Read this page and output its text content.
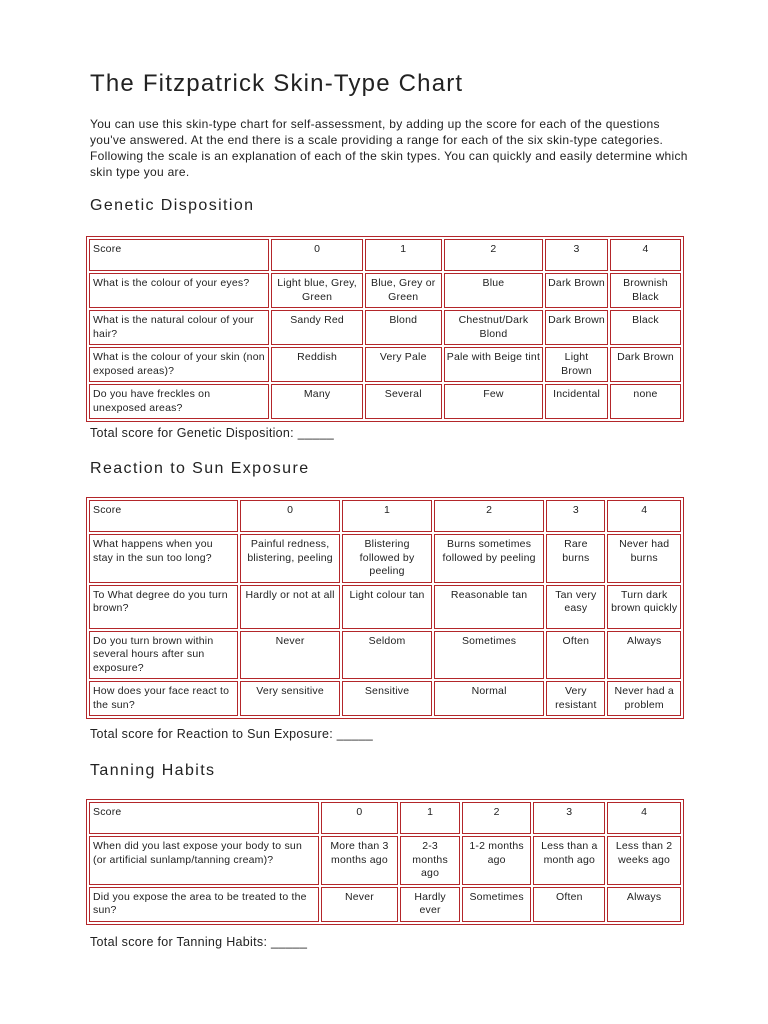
The Fitzpatrick Skin-Type Chart

You can use this skin-type chart for self-assessment, by adding up the score for each of the questions you've answered. At the end there is a scale providing a range for each of the six skin-type categories. Following the scale is an explanation of each of the skin types. You can quickly and easily determine which skin type you are.

Genetic Disposition
Score	0	1	2	3	4
What is the colour of your eyes?	Light blue, Grey, Green	Blue, Grey or Green	Blue	Dark Brown	Brownish Black
What is the natural colour of your hair?	Sandy Red	Blond	Chestnut/Dark Blond	Dark Brown	Black
What is the colour of your skin (non exposed areas)?	Reddish	Very Pale	Pale with Beige tint	Light Brown	Dark Brown
Do you have freckles on unexposed areas?	Many	Several	Few	Incidental	none

Total score for Genetic Disposition: _____

Reaction to Sun Exposure
Score	0	1	2	3	4
What happens when you stay in the sun too long?	Painful redness, blistering, peeling	Blistering followed by peeling	Burns sometimes followed by peeling	Rare burns	Never had burns
To What degree do you turn brown?	Hardly or not at all	Light colour tan	Reasonable tan	Tan very easy	Turn dark brown quickly
Do you turn brown within several hours after sun exposure?	Never	Seldom	Sometimes	Often	Always
How does your face react to the sun?	Very sensitive	Sensitive	Normal	Very resistant	Never had a problem

Total score for Reaction to Sun Exposure: _____

Tanning Habits
Score	0	1	2	3	4
When did you last expose your body to sun (or artificial sunlamp/tanning cream)?	More than 3 months ago	2-3 months ago	1-2 months ago	Less than a month ago	Less than 2 weeks ago
Did you expose the area to be treated to the sun?	Never	Hardly ever	Sometimes	Often	Always

Total score for Tanning Habits: _____
